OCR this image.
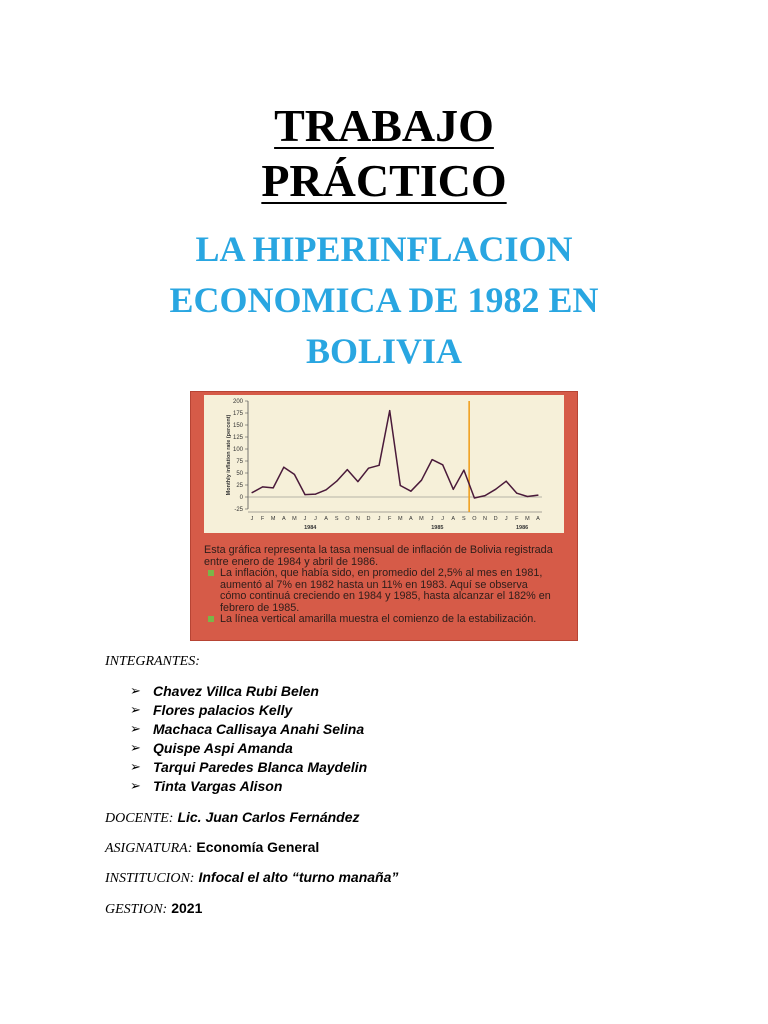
TRABAJO
PRÁCTICO
LA HIPERINFLACION
ECONOMICA DE 1982 EN
BOLIVIA
200
175
150
125
100
75
50
25
0
-25
Monthly inflation rate (percent)
J F M A M J J A S O N D J F M A M J J A S O N D J F M A
1984	1985	1986

Esta gráfica representa la tasa mensual de inflación de Bolivia registrada entre enero de 1984 y abril de 1986.

La inflación, que había sido, en promedio del 2,5% al mes en 1981, aumentó al 7% en 1982 hasta un 11% en 1983. Aquí se observa cómo continuá creciendo en 1984 y 1985, hasta alcanzar el 182% en febrero de 1985.

La línea vertical amarilla muestra el comienzo de la estabilización.

INTEGRANTES:
➢ Chavez Villca Rubi Belen
➢ Flores palacios Kelly
➢ Machaca Callisaya Anahi Selina
➢ Quispe Aspi Amanda
➢ Tarqui Paredes Blanca Maydelin
➢ Tinta Vargas Alison
DOCENTE: Lic. Juan Carlos Fernández
ASIGNATURA: Economía General
INSTITUCION: Infocal el alto “turno manaña”
GESTION: 2021
